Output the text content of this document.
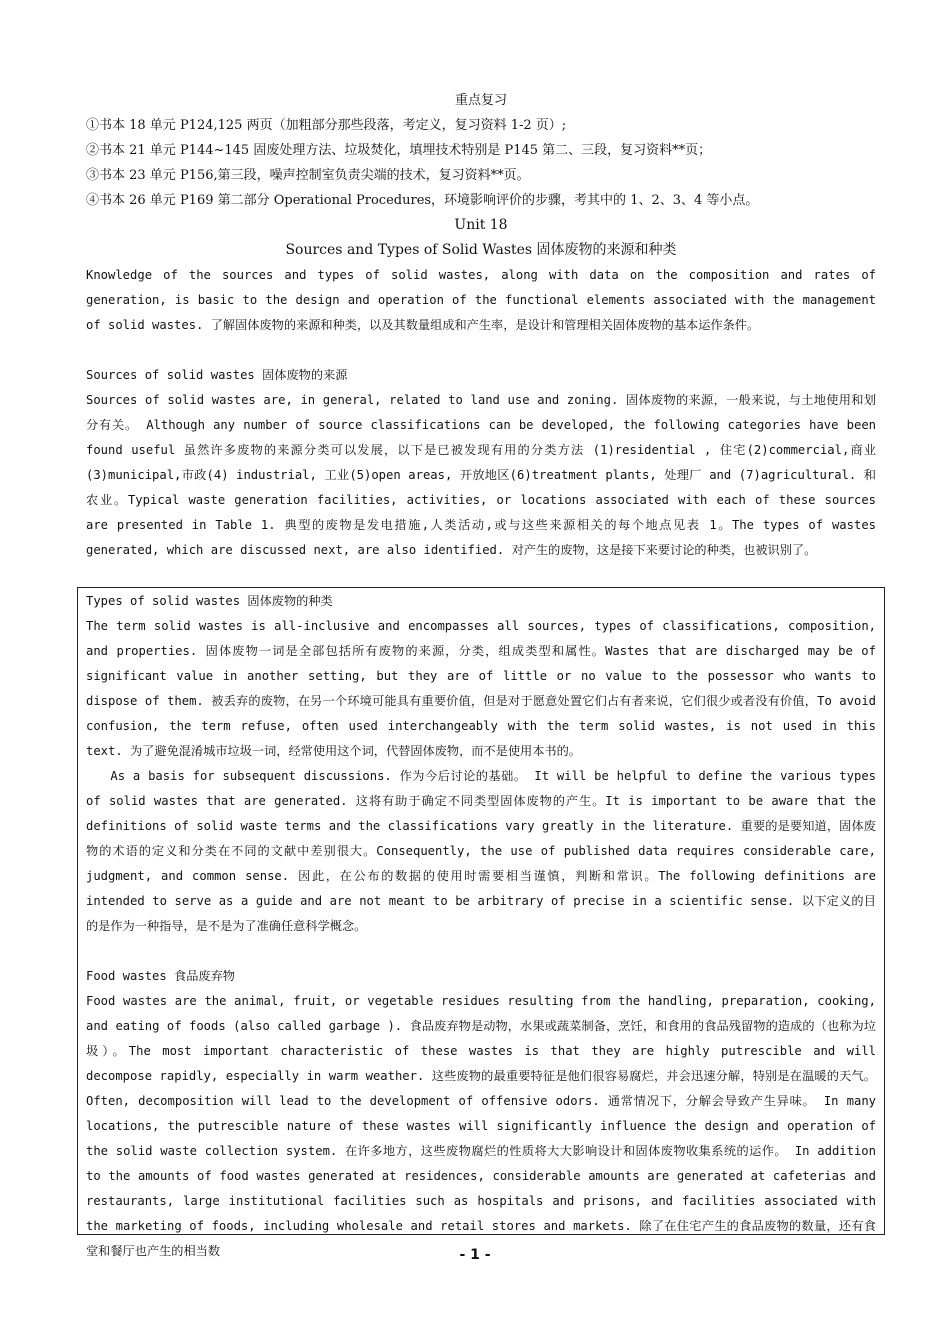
重点复习
①书本 18 单元 P124,125 两页（加粗部分那些段落，考定义，复习资料 1-2 页）;
②书本 21 单元 P144~145 固废处理方法、垃圾焚化，填埋技术特别是 P145 第二、三段，复习资料**页；
③书本 23 单元 P156,第三段，噪声控制室负责尖端的技术，复习资料**页。
④书本 26 单元 P169 第二部分 Operational Procedures，环境影响评价的步骤，考其中的 1、2、3、4 等小点。
Unit 18
Sources and Types of Solid Wastes 固体废物的来源和种类
Knowledge of the sources and types of solid wastes, along with data on the composition and rates of generation, is basic to the design and operation of the functional elements associated with the management of solid wastes. 了解固体废物的来源和种类，以及其数量组成和产生率，是设计和管理相关固体废物的基本运作条件。
Sources of solid wastes 固体废物的来源
Sources of solid wastes are, in general, related to land use and zoning. 固体废物的来源，一般来说，与土地使用和划分有关。 Although any number of source classifications can be developed, the following categories have been found useful 虽然许多废物的来源分类可以发展，以下是已被发现有用的分类方法 (1)residential , 住宅(2)commercial,商业(3)municipal,市政(4) industrial, 工业(5)open areas, 开放地区(6)treatment plants, 处理厂 and (7)agricultural. 和农业。Typical waste generation facilities, activities, or locations associated with each of these sources are presented in Table 1. 典型的废物是发电措施,人类活动,或与这些来源相关的每个地点见表 1。The types of wastes generated, which are discussed next, are also identified. 对产生的废物，这是接下来要讨论的种类，也被识别了。
Types of solid wastes 固体废物的种类
The term solid wastes is all-inclusive and encompasses all sources, types of classifications, composition, and properties. 固体废物一词是全部包括所有废物的来源，分类，组成类型和属性。Wastes that are discharged may be of significant value in another setting, but they are of little or no value to the possessor who wants to dispose of them. 被丢弃的废物，在另一个环境可能具有重要价值，但是对于愿意处置它们占有者来说，它们很少或者没有价值，To avoid confusion, the term refuse, often used interchangeably with the term solid wastes, is not used in this text. 为了避免混淆城市垃圾一词，经常使用这个词，代替固体废物，而不是使用本书的。
As a basis for subsequent discussions. 作为今后讨论的基础。 It will be helpful to define the various types of solid wastes that are generated. 这将有助于确定不同类型固体废物的产生。It is important to be aware that the definitions of solid waste terms and the classifications vary greatly in the literature. 重要的是要知道，固体废物的术语的定义和分类在不同的文献中差别很大。Consequently, the use of published data requires considerable care, judgment, and common sense. 因此，在公布的数据的使用时需要相当谨慎，判断和常识。The following definitions are intended to serve as a guide and are not meant to be arbitrary of precise in a scientific sense. 以下定义的目的是作为一种指导，是不是为了准确任意科学概念。
Food wastes 食品废弃物
Food wastes are the animal, fruit, or vegetable residues resulting from the handling, preparation, cooking, and eating of foods (also called garbage ). 食品废弃物是动物，水果或蔬菜制备，烹饪，和食用的食品残留物的造成的（也称为垃圾）。The most important characteristic of these wastes is that they are highly putrescible and will decompose rapidly, especially in warm weather. 这些废物的最重要特征是他们很容易腐烂，并会迅速分解，特别是在温暖的天气。Often, decomposition will lead to the development of offensive odors. 通常情况下，分解会导致产生异味。 In many locations, the putrescible nature of these wastes will significantly influence the design and operation of the solid waste collection system. 在许多地方，这些废物腐烂的性质将大大影响设计和固体废物收集系统的运作。 In addition to the amounts of food wastes generated at residences, considerable amounts are generated at cafeterias and restaurants, large institutional facilities such as hospitals and prisons, and facilities associated with the marketing of foods, including wholesale and retail stores and markets. 除了在住宅产生的食品废物的数量，还有食堂和餐厅也产生的相当数	- 1 -
